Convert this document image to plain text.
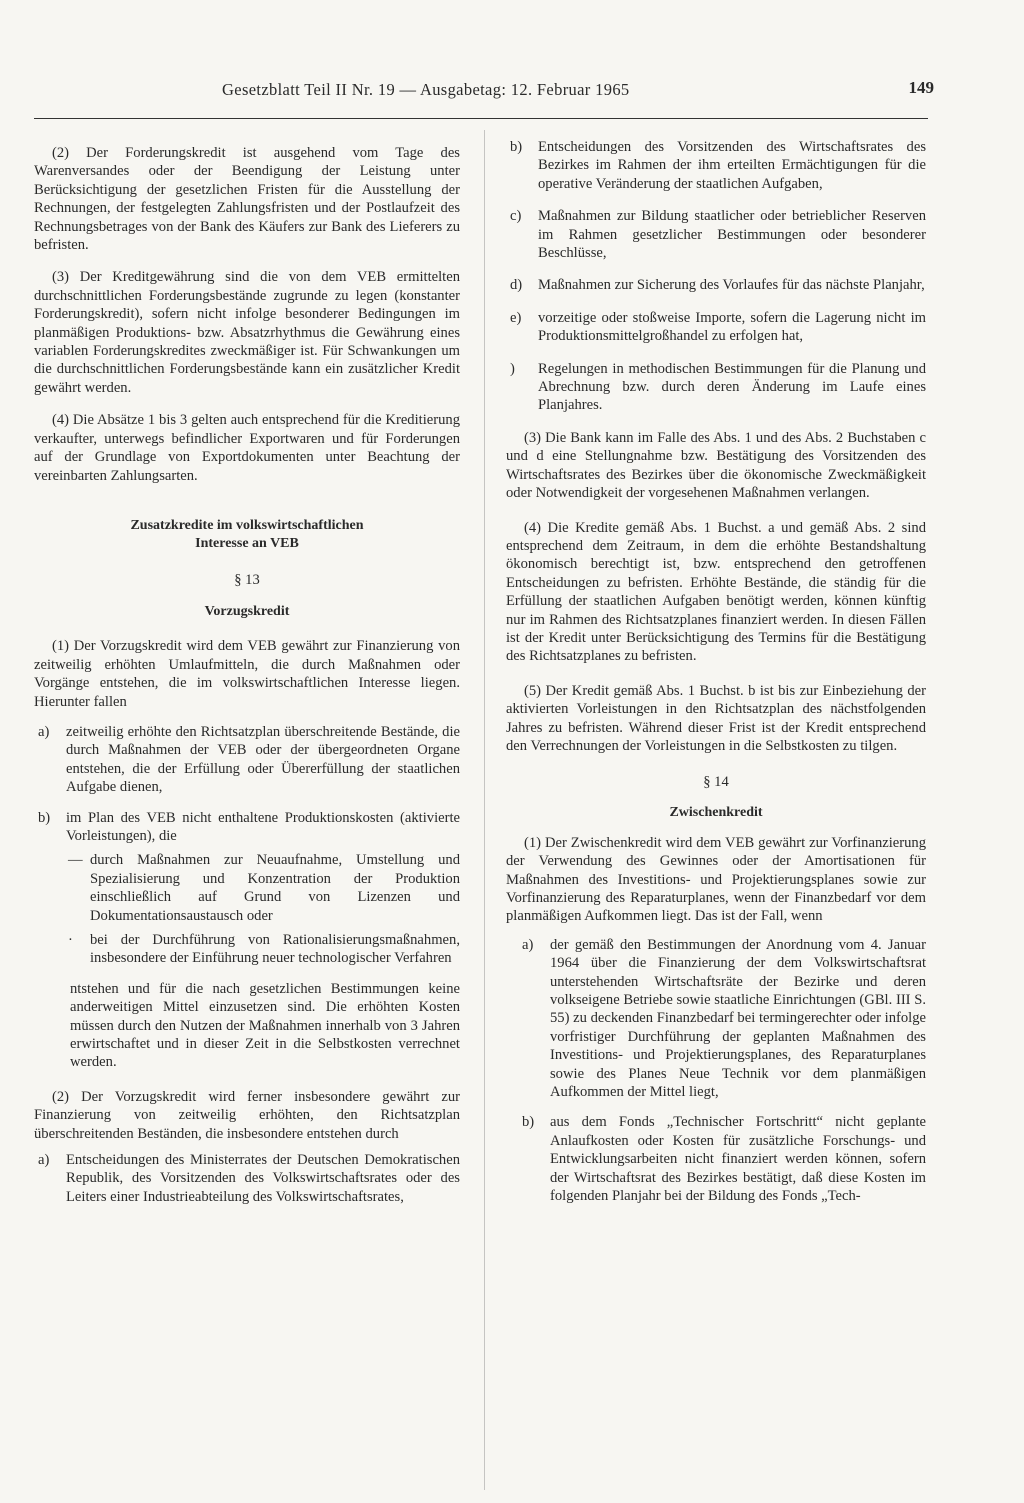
Gesetzblatt Teil II Nr. 19 — Ausgabetag: 12. Februar 1965	149

(2) Der Forderungskredit ist ausgehend vom Tage des Warenversandes oder der Beendigung der Leistung unter Berücksichtigung der gesetzlichen Fristen für die Ausstellung der Rechnungen, der festgelegten Zahlungsfristen und der Postlaufzeit des Rechnungsbetrages von der Bank des Käufers zur Bank des Lieferers zu befristen.

(3) Der Kreditgewährung sind die von dem VEB ermittelten durchschnittlichen Forderungsbestände zugrunde zu legen (konstanter Forderungskredit), sofern nicht infolge besonderer Bedingungen im planmäßigen Produktions- bzw. Absatzrhythmus die Gewährung eines variablen Forderungskredites zweckmäßiger ist. Für Schwankungen um die durchschnittlichen Forderungsbestände kann ein zusätzlicher Kredit gewährt werden.

(4) Die Absätze 1 bis 3 gelten auch entsprechend für die Kreditierung verkaufter, unterwegs befindlicher Exportwaren und für Forderungen auf der Grundlage von Exportdokumenten unter Beachtung der vereinbarten Zahlungsarten.

Zusatzkredite im volkswirtschaftlichen
Interesse an VEB
§ 13
Vorzugskredit

(1) Der Vorzugskredit wird dem VEB gewährt zur Finanzierung von zeitweilig erhöhten Umlaufmitteln, die durch Maßnahmen oder Vorgänge entstehen, die im volkswirtschaftlichen Interesse liegen. Hierunter fallen

a)	zeitweilig erhöhte den Richtsatzplan überschreitende Bestände, die durch Maßnahmen der VEB oder der übergeordneten Organe entstehen, die der Erfüllung oder Übererfüllung der staatlichen Aufgabe dienen,
b)	im Plan des VEB nicht enthaltene Produktionskosten (aktivierte Vorleistungen), die
— durch Maßnahmen zur Neuaufnahme, Umstellung und Spezialisierung und Konzentration der Produktion einschließlich auf Grund von Lizenzen und Dokumentationsaustausch oder
·	bei der Durchführung von Rationalisierungsmaßnahmen, insbesondere der Einführung neuer technologischer Verfahren

ntstehen und für die nach gesetzlichen Bestimmungen keine anderweitigen Mittel einzusetzen sind. Die erhöhten Kosten müssen durch den Nutzen der Maßnahmen innerhalb von 3 Jahren erwirtschaftet und in dieser Zeit in die Selbstkosten verrechnet werden.

(2) Der Vorzugskredit wird ferner insbesondere gewährt zur Finanzierung von zeitweilig erhöhten, den Richtsatzplan überschreitenden Beständen, die insbesondere entstehen durch

a)	Entscheidungen des Ministerrates der Deutschen Demokratischen Republik, des Vorsitzenden des Volkswirtschaftsrates oder des Leiters einer Industrieabteilung des Volkswirtschaftsrates,
b)	Entscheidungen des Vorsitzenden des Wirtschaftsrates des Bezirkes im Rahmen der ihm erteilten Ermächtigungen für die operative Veränderung der staatlichen Aufgaben,
c)	Maßnahmen zur Bildung staatlicher oder betrieblicher Reserven im Rahmen gesetzlicher Bestimmungen oder besonderer Beschlüsse,
d)	Maßnahmen zur Sicherung des Vorlaufes für das nächste Planjahr,
e)	vorzeitige oder stoßweise Importe, sofern die Lagerung nicht im Produktionsmittelgroßhandel zu erfolgen hat,
)	Regelungen in methodischen Bestimmungen für die Planung und Abrechnung bzw. durch deren Änderung im Laufe eines Planjahres.

(3) Die Bank kann im Falle des Abs. 1 und des Abs. 2 Buchstaben c und d eine Stellungnahme bzw. Bestätigung des Vorsitzenden des Wirtschaftsrates des Bezirkes über die ökonomische Zweckmäßigkeit oder Notwendigkeit der vorgesehenen Maßnahmen verlangen.

(4) Die Kredite gemäß Abs. 1 Buchst. a und gemäß Abs. 2 sind entsprechend dem Zeitraum, in dem die erhöhte Bestandshaltung ökonomisch berechtigt ist, bzw. entsprechend den getroffenen Entscheidungen zu befristen. Erhöhte Bestände, die ständig für die Erfüllung der staatlichen Aufgaben benötigt werden, können künftig nur im Rahmen des Richtsatzplanes finanziert werden. In diesen Fällen ist der Kredit unter Berücksichtigung des Termins für die Bestätigung des Richtsatzplanes zu befristen.

(5) Der Kredit gemäß Abs. 1 Buchst. b ist bis zur Einbeziehung der aktivierten Vorleistungen in den Richtsatzplan des nächstfolgenden Jahres zu befristen. Während dieser Frist ist der Kredit entsprechend den Verrechnungen der Vorleistungen in die Selbstkosten zu tilgen.

§ 14
Zwischenkredit

(1) Der Zwischenkredit wird dem VEB gewährt zur Vorfinanzierung der Verwendung des Gewinnes oder der Amortisationen für Maßnahmen des Investitions- und Projektierungsplanes sowie zur Vorfinanzierung des Reparaturplanes, wenn der Finanzbedarf vor dem planmäßigen Aufkommen liegt. Das ist der Fall, wenn

a)	der gemäß den Bestimmungen der Anordnung vom 4. Januar 1964 über die Finanzierung der dem Volkswirtschaftsrat unterstehenden Wirtschaftsräte der Bezirke und deren volkseigene Betriebe sowie staatliche Einrichtungen (GBl. III S. 55) zu deckenden Finanzbedarf bei termingerechter oder infolge vorfristiger Durchführung der geplanten Maßnahmen des Investitions- und Projektierungsplanes, des Reparaturplanes sowie des Planes Neue Technik vor dem planmäßigen Aufkommen der Mittel liegt,
b)	aus dem Fonds „Technischer Fortschritt“ nicht geplante Anlaufkosten oder Kosten für zusätzliche Forschungs- und Entwicklungsarbeiten nicht finanziert werden können, sofern der Wirtschaftsrat des Bezirkes bestätigt, daß diese Kosten im folgenden Planjahr bei der Bildung des Fonds „Tech-
